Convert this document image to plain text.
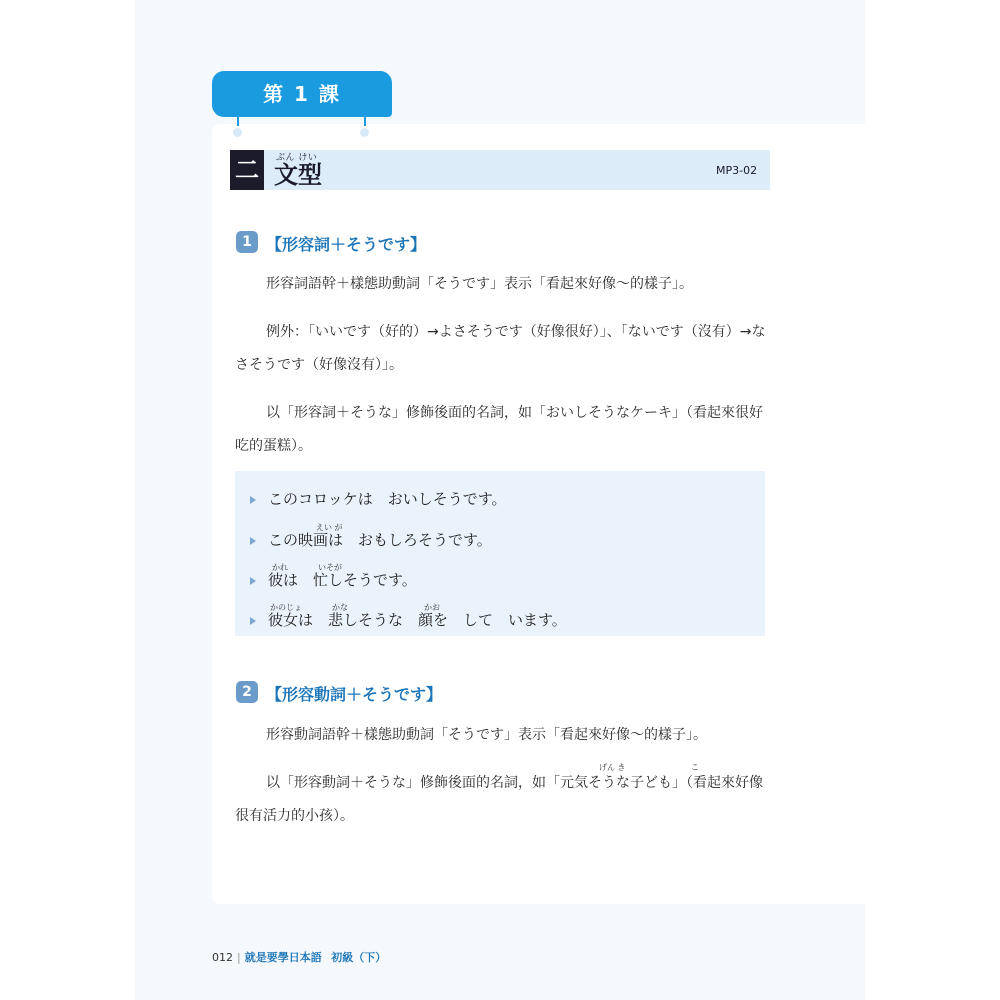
第 1 課
二	ぶん けい
文型	MP3-02
1 【形容詞＋そうです】

形容詞語幹＋樣態助動詞「そうです」表示「看起來好像～的樣子」。

例外：「いいです（好的）→よさそうです（好像很好）」、「ないです（沒有）→なさそうです（好像沒有）」。

以「形容詞＋そうな」修飾後面的名詞，如「おいしそうなケーキ」（看起來很好吃的蛋糕）。

このコロッケは　おいしそうです。
えい が
この映画は　おもしろそうです。
かれ	いそが
彼は　忙しそうです。
かのじょ	かな	かお
彼女は　悲しそうな　顔を　して　います。
2 【形容動詞＋そうです】
げん き	こ

形容動詞語幹＋樣態助動詞「そうです」表示「看起來好像～的樣子」。

以「形容動詞＋そうな」修飾後面的名詞，如「元気そうな子ども」（看起來好像很有活力的小孩）。

012 | 就是要學日本語 初級（下）
